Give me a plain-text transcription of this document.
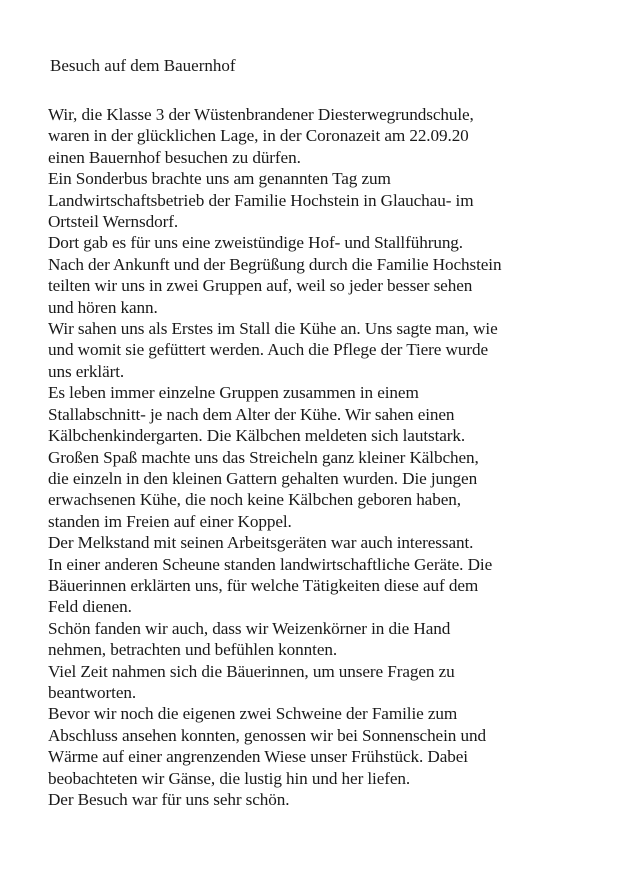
Besuch auf dem Bauernhof
Wir, die Klasse 3 der Wüstenbrandener Diesterwegrundschule,
waren in der glücklichen Lage, in der Coronazeit am 22.09.20
einen Bauernhof besuchen zu dürfen.
Ein Sonderbus brachte uns am genannten Tag zum
Landwirtschaftsbetrieb der Familie Hochstein in Glauchau- im
Ortsteil Wernsdorf.
Dort gab es für uns eine zweistündige Hof- und Stallführung.
Nach der Ankunft und der Begrüßung durch die Familie Hochstein
teilten wir uns in zwei Gruppen auf, weil so jeder besser sehen
und hören kann.
Wir sahen uns als Erstes im Stall die Kühe an. Uns sagte man, wie
und womit sie gefüttert werden. Auch die Pflege der Tiere wurde
uns erklärt.
Es leben immer einzelne Gruppen zusammen in einem
Stallabschnitt- je nach dem Alter der Kühe. Wir sahen einen
Kälbchenkindergarten. Die Kälbchen meldeten sich lautstark.
Großen Spaß machte uns das Streicheln ganz kleiner Kälbchen,
die einzeln in den kleinen Gattern gehalten wurden. Die jungen
erwachsenen Kühe, die noch keine Kälbchen geboren haben,
standen im Freien auf einer Koppel.
Der Melkstand mit seinen Arbeitsgeräten war auch interessant.
In einer anderen Scheune standen landwirtschaftliche Geräte. Die
Bäuerinnen erklärten uns, für welche Tätigkeiten diese auf dem
Feld dienen.
Schön fanden wir auch, dass wir Weizenkörner in die Hand
nehmen, betrachten und befühlen konnten.
Viel Zeit nahmen sich die Bäuerinnen, um unsere Fragen zu
beantworten.
Bevor wir noch die eigenen zwei Schweine der Familie zum
Abschluss ansehen konnten, genossen wir bei Sonnenschein und
Wärme auf einer angrenzenden Wiese unser Frühstück. Dabei
beobachteten wir Gänse, die lustig hin und her liefen.
Der Besuch war für uns sehr schön.
